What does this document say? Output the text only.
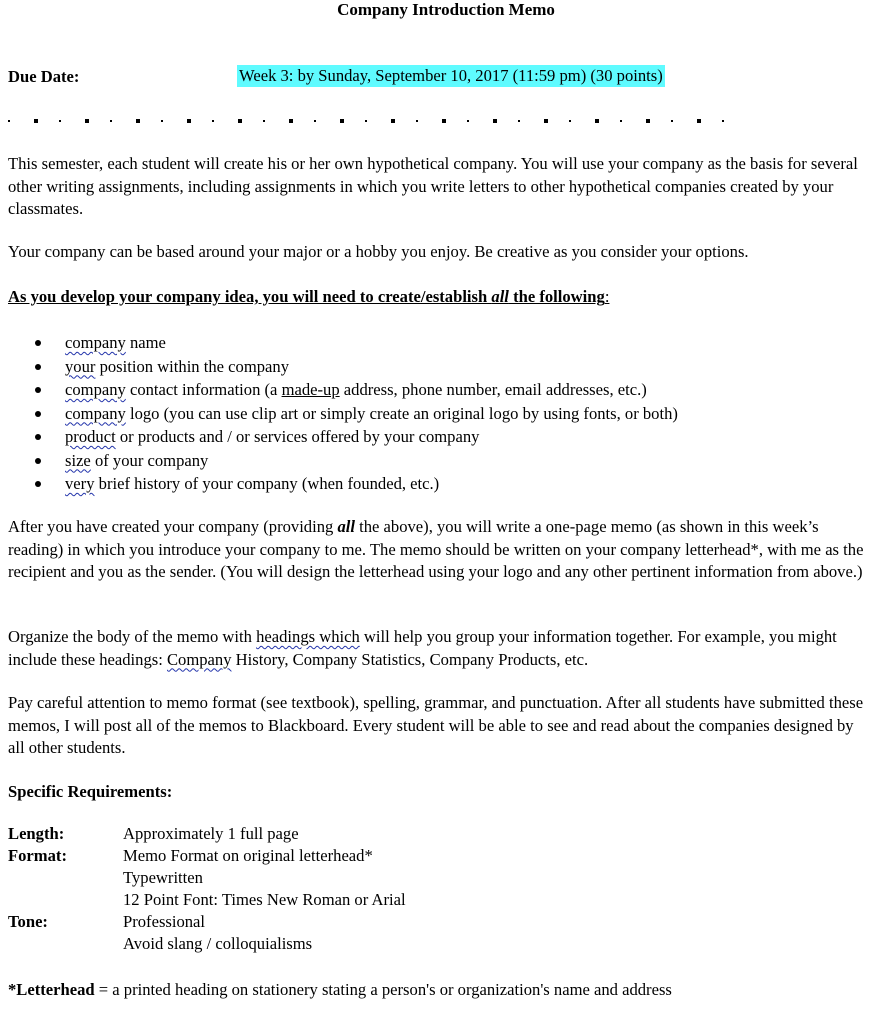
Company Introduction Memo
Due Date:	Week 3: by Sunday, September 10, 2017 (11:59 pm) (30 points)

This semester, each student will create his or her own hypothetical company. You will use your company as the basis for several other writing assignments, including assignments in which you write letters to other hypothetical companies created by your classmates.

Your company can be based around your major or a hobby you enjoy. Be creative as you consider your options.

As you develop your company idea, you will need to create/establish all the following:

company name
your position within the company
company contact information (a made-up address, phone number, email addresses, etc.)
company logo (you can use clip art or simply create an original logo by using fonts, or both)
product or products and / or services offered by your company
size of your company
very brief history of your company (when founded, etc.)

After you have created your company (providing all the above), you will write a one-page memo (as shown in this week’s reading) in which you introduce your company to me. The memo should be written on your company letterhead*, with me as the recipient and you as the sender. (You will design the letterhead using your logo and any other pertinent information from above.)

Organize the body of the memo with headings which will help you group your information together. For example, you might include these headings: Company History, Company Statistics, Company Products, etc.

Pay careful attention to memo format (see textbook), spelling, grammar, and punctuation. After all students have submitted these memos, I will post all of the memos to Blackboard. Every student will be able to see and read about the companies designed by all other students.

Specific Requirements:

Length:	Approximately 1 full page
Format:	Memo Format on original letterhead*
Typewritten
12 Point Font: Times New Roman or Arial
Tone:	Professional
Avoid slang / colloquialisms

*Letterhead = a printed heading on stationery stating a person's or organization's name and address
